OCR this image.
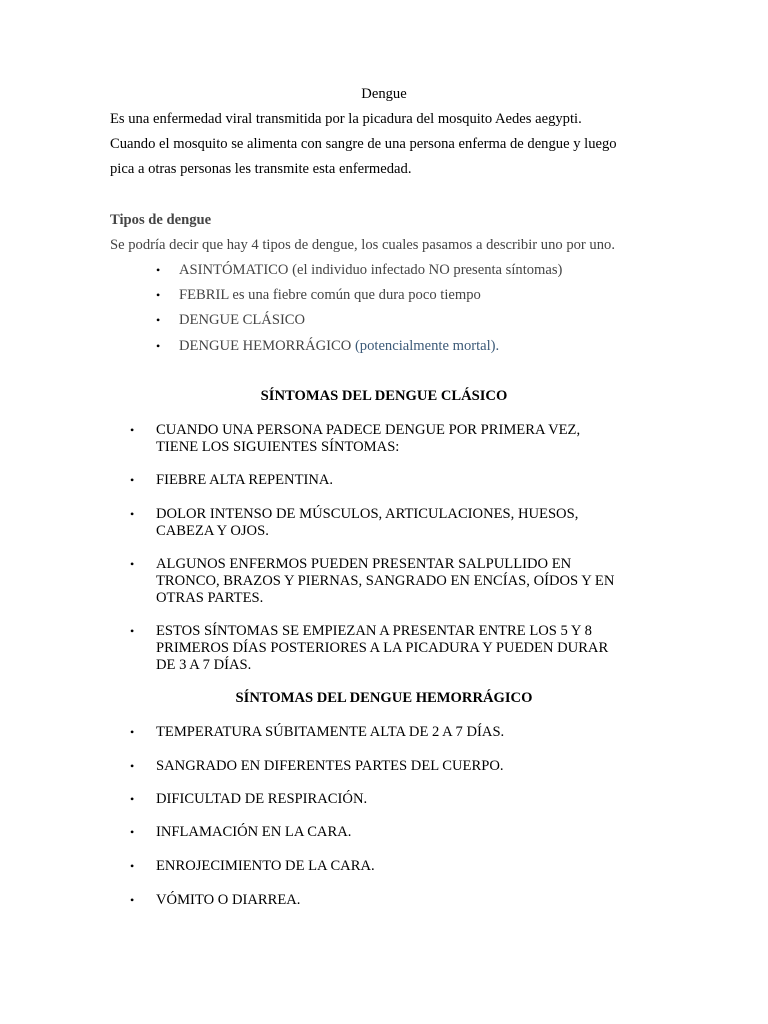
Dengue
Es una enfermedad viral transmitida por la picadura del mosquito Aedes aegypti.
Cuando el mosquito se alimenta con sangre de una persona enferma de dengue y luego
pica a otras personas les transmite esta enfermedad.
Tipos de dengue
Se podría decir que hay 4 tipos de dengue, los cuales pasamos a describir uno por uno.
• ASINTÓMATICO (el individuo infectado NO presenta síntomas)
• FEBRIL es una fiebre común que dura poco tiempo
• DENGUE CLÁSICO
• DENGUE HEMORRÁGICO (potencialmente mortal).
SÍNTOMAS DEL DENGUE CLÁSICO
• CUANDO UNA PERSONA PADECE DENGUE POR PRIMERA VEZ,
TIENE LOS SIGUIENTES SÍNTOMAS:
• FIEBRE ALTA REPENTINA.
• DOLOR INTENSO DE MÚSCULOS, ARTICULACIONES, HUESOS,
CABEZA Y OJOS.
• ALGUNOS ENFERMOS PUEDEN PRESENTAR SALPULLIDO EN
TRONCO, BRAZOS Y PIERNAS, SANGRADO EN ENCÍAS, OÍDOS Y EN
OTRAS PARTES.
• ESTOS SÍNTOMAS SE EMPIEZAN A PRESENTAR ENTRE LOS 5 Y 8
PRIMEROS DÍAS POSTERIORES A LA PICADURA Y PUEDEN DURAR
DE 3 A 7 DÍAS.
SÍNTOMAS DEL DENGUE HEMORRÁGICO
• TEMPERATURA SÚBITAMENTE ALTA DE 2 A 7 DÍAS.
• SANGRADO EN DIFERENTES PARTES DEL CUERPO.
• DIFICULTAD DE RESPIRACIÓN.
• INFLAMACIÓN EN LA CARA.
• ENROJECIMIENTO DE LA CARA.
• VÓMITO O DIARREA.
